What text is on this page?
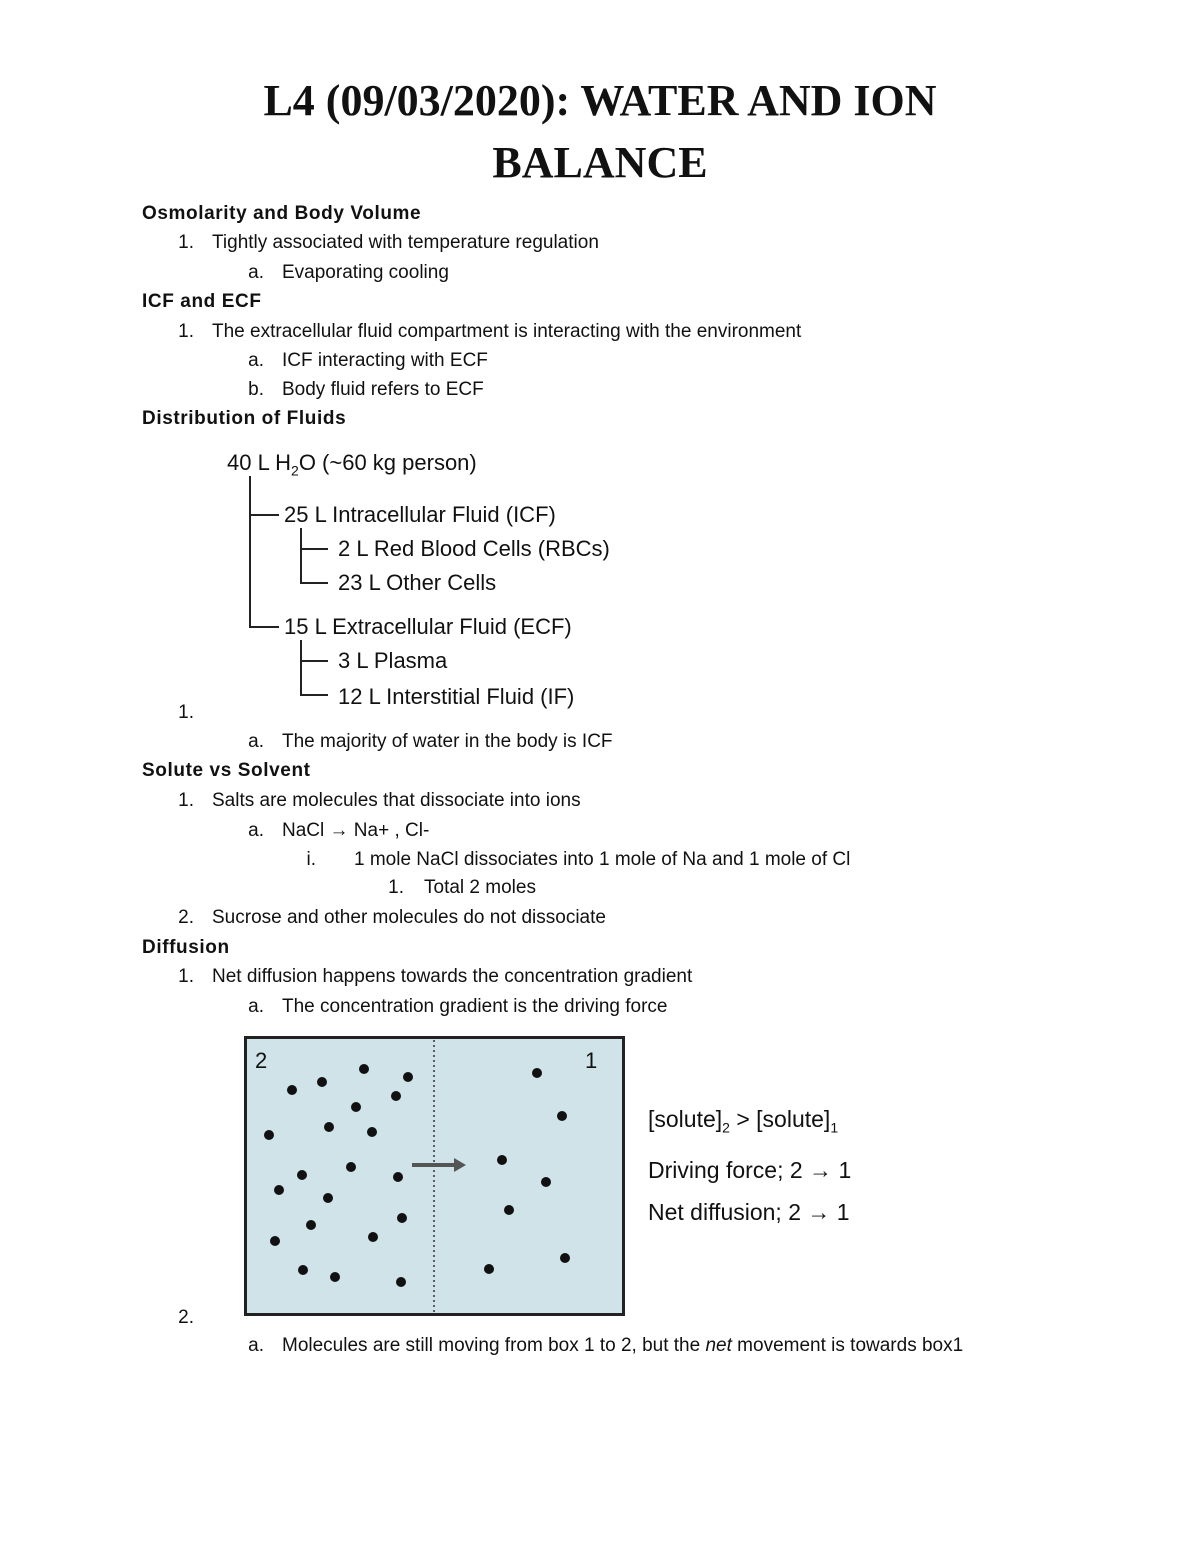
L4 (09/03/2020): WATER AND ION
BALANCE
Osmolarity and Body Volume
1. Tightly associated with temperature regulation
a. Evaporating cooling
ICF and ECF
1. The extracellular fluid compartment is interacting with the environment
a. ICF interacting with ECF
b. Body fluid refers to ECF
Distribution of Fluids
40 L $H_2O$ (~60 kg person)
25 L Intracellular Fluid (ICF)
2 L Red Blood Cells (RBCs)
23 L Other Cells
15 L Extracellular Fluid (ECF)
3 L Plasma
12 L Interstitial Fluid (IF)
1.
a. The majority of water in the body is ICF
Solute vs Solvent
1. Salts are molecules that dissociate into ions
a. NaCl → Na+ , Cl-
i. 1 mole NaCl dissociates into 1 mole of Na and 1 mole of Cl
1. Total 2 moles
2. Sucrose and other molecules do not dissociate
Diffusion
1. Net diffusion happens towards the concentration gradient
a. The concentration gradient is the driving force
2	1
$[solute]_2$ > $[solute]_1$
Driving force; 2 → 1
Net diffusion; 2 → 1
2.
a. Molecules are still moving from box 1 to 2, but the net movement is towards box1
